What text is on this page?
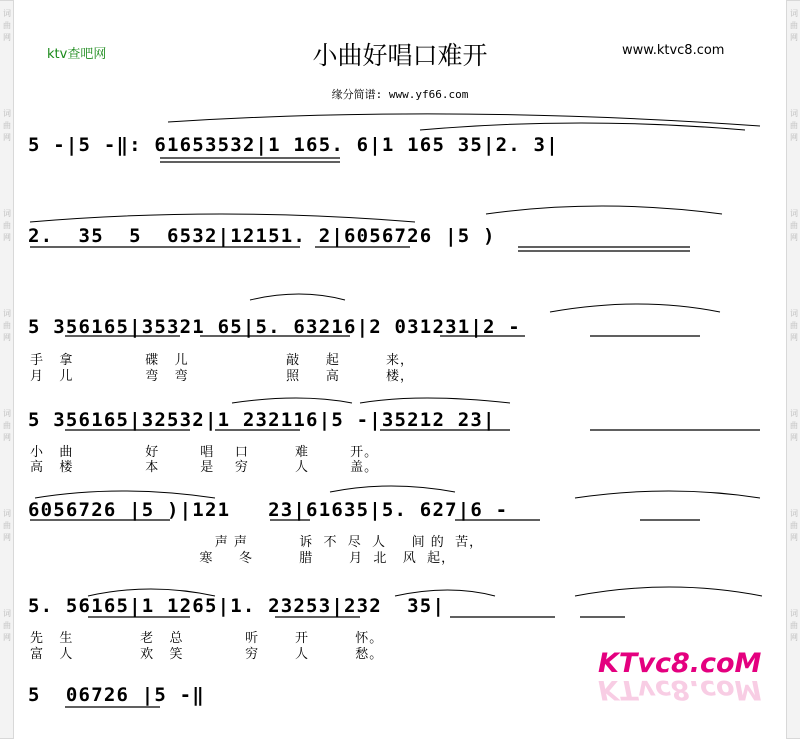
词
曲
网
词
曲
网
词
曲
网
词
曲
网
词
曲
网
词
曲
网
词
曲
网
词
曲
网
词
曲
网
词
曲
网
词
曲
网
词
曲
网
词
曲
网
词
曲
网
ktv查吧网	小曲好唱口难开	www.ktvc8.com
缘分简谱: www.yf66.com
5 -|5 -‖: 61653532|1 165. 6|1 165 35|2. 3|
2.  35  5  6532|12151. 2|6056726 |5 )
5 356165|35321 65|5. 63216|2 031231|2 -
手   拿              碟   儿                   敲     起         来，
月   儿              弯   弯                   照     高         楼，
5 356165|32532|1 232116|5 -|35212 23|
小   曲              好        唱    口         难        开。
高   楼              本        是    穷         人        盖。
6056726 |5 )|121   23|61635|5. 627|6 -
声 声          诉  不  尽  人     间 的  苦，
寒     冬         腊       月  北   风  起，
5. 56165|1 1265|1. 23253|232  35|
先   生             老   总            听       开         怀。
富   人             欢   笑            穷       人         愁。
5  06726 |5 -‖
KTvc8.coM
KTvc8.coM
